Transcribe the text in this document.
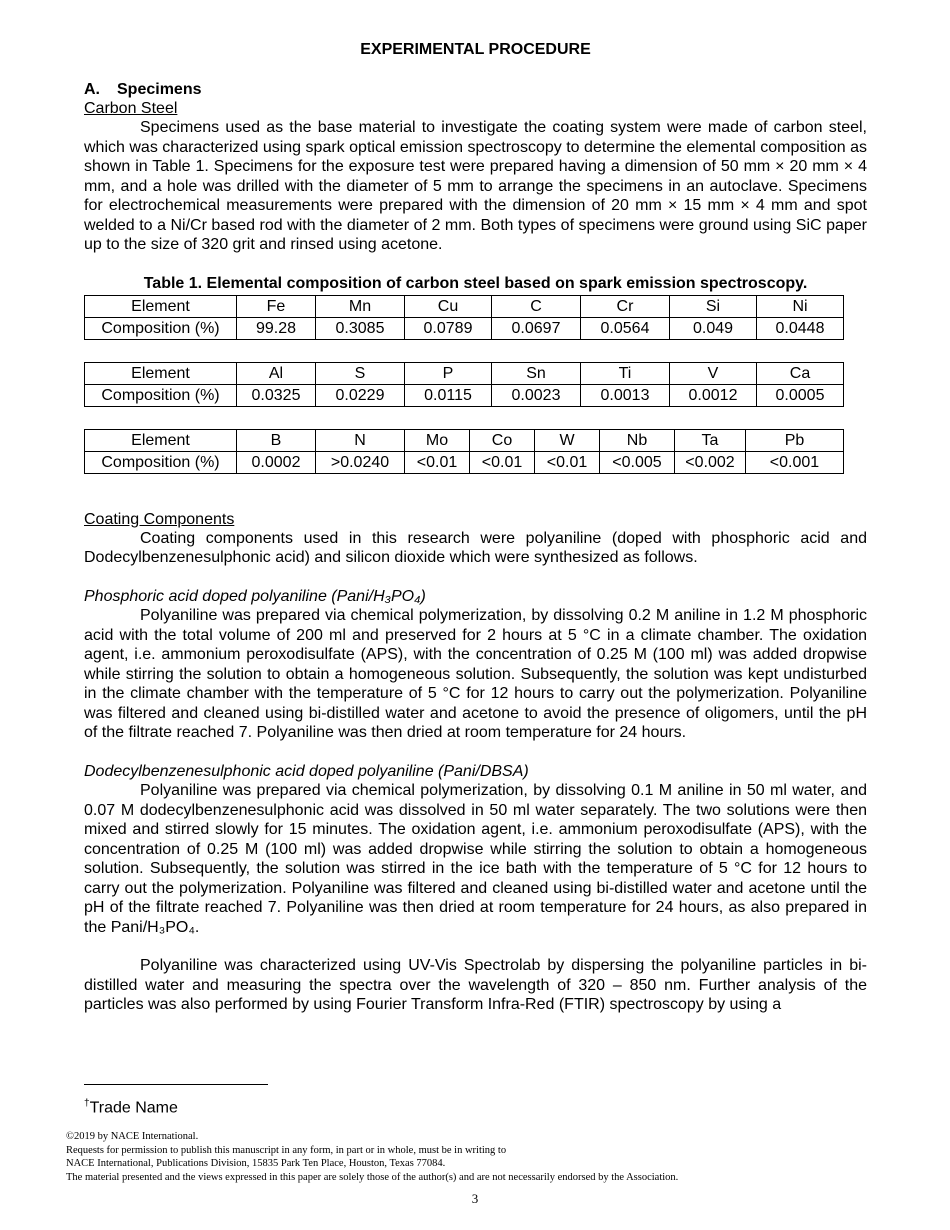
EXPERIMENTAL PROCEDURE
A. Specimens
Carbon Steel

Specimens used as the base material to investigate the coating system were made of carbon steel, which was characterized using spark optical emission spectroscopy to determine the elemental composition as shown in Table 1. Specimens for the exposure test were prepared having a dimension of 50 mm × 20 mm × 4 mm, and a hole was drilled with the diameter of 5 mm to arrange the specimens in an autoclave. Specimens for electrochemical measurements were prepared with the dimension of 20 mm × 15 mm × 4 mm and spot welded to a Ni/Cr based rod with the diameter of 2 mm. Both types of specimens were ground using SiC paper up to the size of 320 grit and rinsed using acetone.

Table 1. Elemental composition of carbon steel based on spark emission spectroscopy.
Element	Fe	Mn	Cu	C	Cr	Si	Ni
Composition (%)	99.28	0.3085	0.0789	0.0697	0.0564	0.049	0.0448
Element	Al	S	P	Sn	Ti	V	Ca
Composition (%)	0.0325	0.0229	0.0115	0.0023	0.0013	0.0012	0.0005
Element	B	N	Mo	Co	W	Nb	Ta	Pb
Composition (%)	0.0002	>0.0240	<0.01	<0.01	<0.01	<0.005	<0.002	<0.001
Coating Components

Coating components used in this research were polyaniline (doped with phosphoric acid and Dodecylbenzenesulphonic acid) and silicon dioxide which were synthesized as follows.

Phosphoric acid doped polyaniline (Pani/H₃PO₄)

Polyaniline was prepared via chemical polymerization, by dissolving 0.2 M aniline in 1.2 M phosphoric acid with the total volume of 200 ml and preserved for 2 hours at 5 °C in a climate chamber. The oxidation agent, i.e. ammonium peroxodisulfate (APS), with the concentration of 0.25 M (100 ml) was added dropwise while stirring the solution to obtain a homogeneous solution. Subsequently, the solution was kept undisturbed in the climate chamber with the temperature of 5 °C for 12 hours to carry out the polymerization. Polyaniline was filtered and cleaned using bi-distilled water and acetone to avoid the presence of oligomers, until the pH of the filtrate reached 7. Polyaniline was then dried at room temperature for 24 hours.

Dodecylbenzenesulphonic acid doped polyaniline (Pani/DBSA)

Polyaniline was prepared via chemical polymerization, by dissolving 0.1 M aniline in 50 ml water, and 0.07 M dodecylbenzenesulphonic acid was dissolved in 50 ml water separately. The two solutions were then mixed and stirred slowly for 15 minutes. The oxidation agent, i.e. ammonium peroxodisulfate (APS), with the concentration of 0.25 M (100 ml) was added dropwise while stirring the solution to obtain a homogeneous solution. Subsequently, the solution was stirred in the ice bath with the temperature of 5 °C for 12 hours to carry out the polymerization. Polyaniline was filtered and cleaned using bi-distilled water and acetone until the pH of the filtrate reached 7. Polyaniline was then dried at room temperature for 24 hours, as also prepared in the Pani/H₃PO₄.

Polyaniline was characterized using UV-Vis Spectrolab by dispersing the polyaniline particles in bi-distilled water and measuring the spectra over the wavelength of 320 – 850 nm. Further analysis of the particles was also performed by using Fourier Transform Infra-Red (FTIR) spectroscopy by using a

†Trade Name
©2019 by NACE International.
Requests for permission to publish this manuscript in any form, in part or in whole, must be in writing to
NACE International, Publications Division, 15835 Park Ten Place, Houston, Texas 77084.
The material presented and the views expressed in this paper are solely those of the author(s) and are not necessarily endorsed by the Association.
3
